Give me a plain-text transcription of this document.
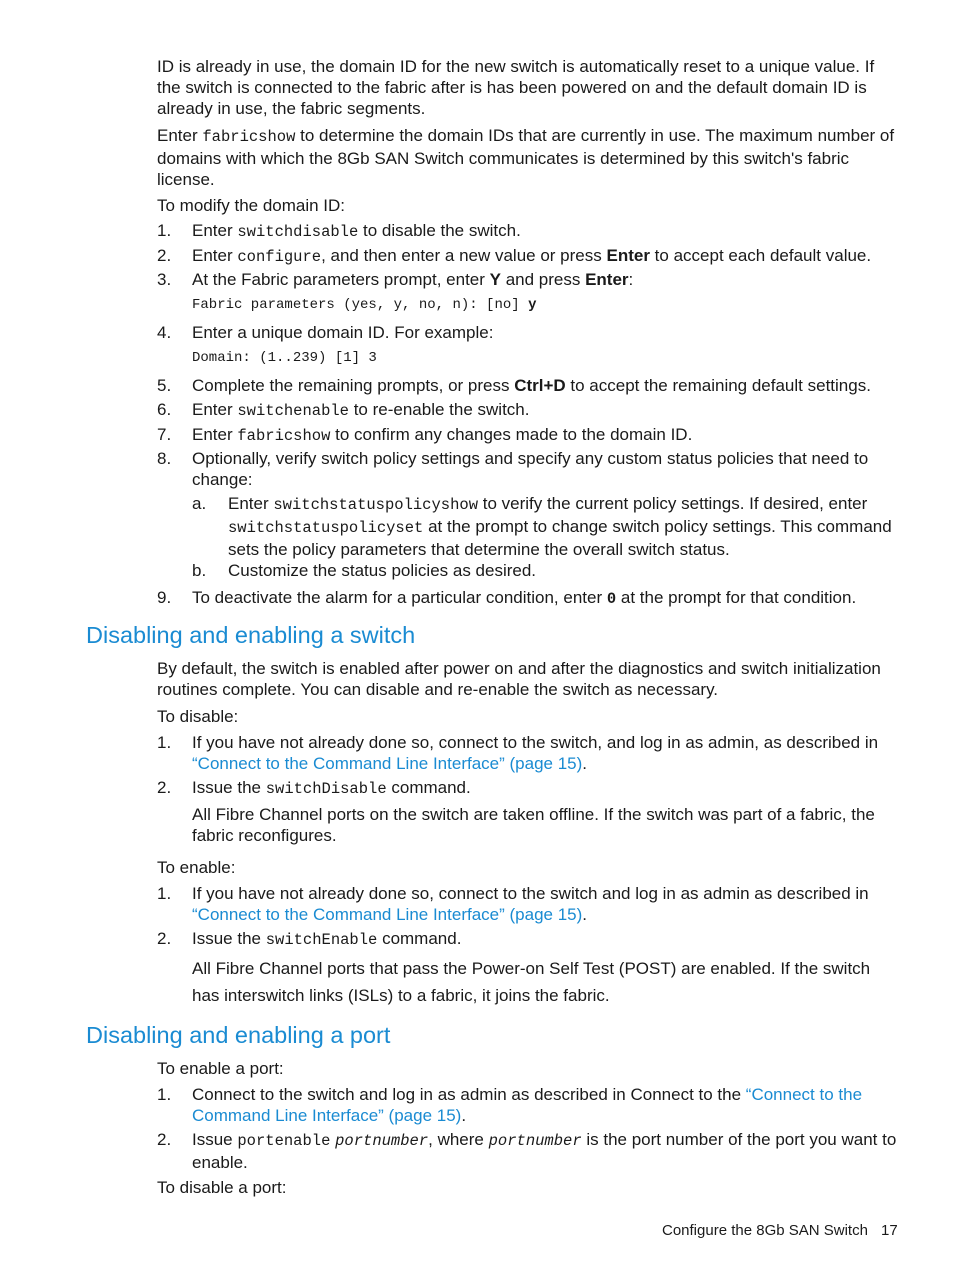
ID is already in use, the domain ID for the new switch is automatically reset to a unique value. If the switch is connected to the fabric after is has been powered on and the default domain ID is already in use, the fabric segments.

Enter fabricshow to determine the domain IDs that are currently in use. The maximum number of domains with which the 8Gb SAN Switch communicates is determined by this switch's fabric license.

To modify the domain ID:

1. Enter switchdisable to disable the switch.
2. Enter configure, and then enter a new value or press Enter to accept each default value.
3. At the Fabric parameters prompt, enter Y and press Enter:
Fabric parameters (yes, y, no, n): [no] y
4. Enter a unique domain ID. For example:
Domain: (1..239) [1] 3
5. Complete the remaining prompts, or press Ctrl+D to accept the remaining default settings.
6. Enter switchenable to re-enable the switch.
7. Enter fabricshow to confirm any changes made to the domain ID.
8. Optionally, verify switch policy settings and specify any custom status policies that need to change:
a. Enter switchstatuspolicyshow to verify the current policy settings. If desired, enter switchstatuspolicyset at the prompt to change switch policy settings. This command sets the policy parameters that determine the overall switch status.
b. Customize the status policies as desired.
9. To deactivate the alarm for a particular condition, enter 0 at the prompt for that condition.
Disabling and enabling a switch

By default, the switch is enabled after power on and after the diagnostics and switch initialization routines complete. You can disable and re-enable the switch as necessary.

To disable:

1. If you have not already done so, connect to the switch, and log in as admin, as described in “Connect to the Command Line Interface” (page 15).
2. Issue the switchDisable command.

All Fibre Channel ports on the switch are taken offline. If the switch was part of a fabric, the fabric reconfigures.

To enable:

1. If you have not already done so, connect to the switch and log in as admin as described in “Connect to the Command Line Interface” (page 15).
2. Issue the switchEnable command.

All Fibre Channel ports that pass the Power-on Self Test (POST) are enabled. If the switch has interswitch links (ISLs) to a fabric, it joins the fabric.

Disabling and enabling a port

To enable a port:

1. Connect to the switch and log in as admin as described in Connect to the “Connect to the Command Line Interface” (page 15).
2. Issue portenable portnumber, where portnumber is the port number of the port you want to enable.

To disable a port:

Configure the 8Gb SAN Switch 17
